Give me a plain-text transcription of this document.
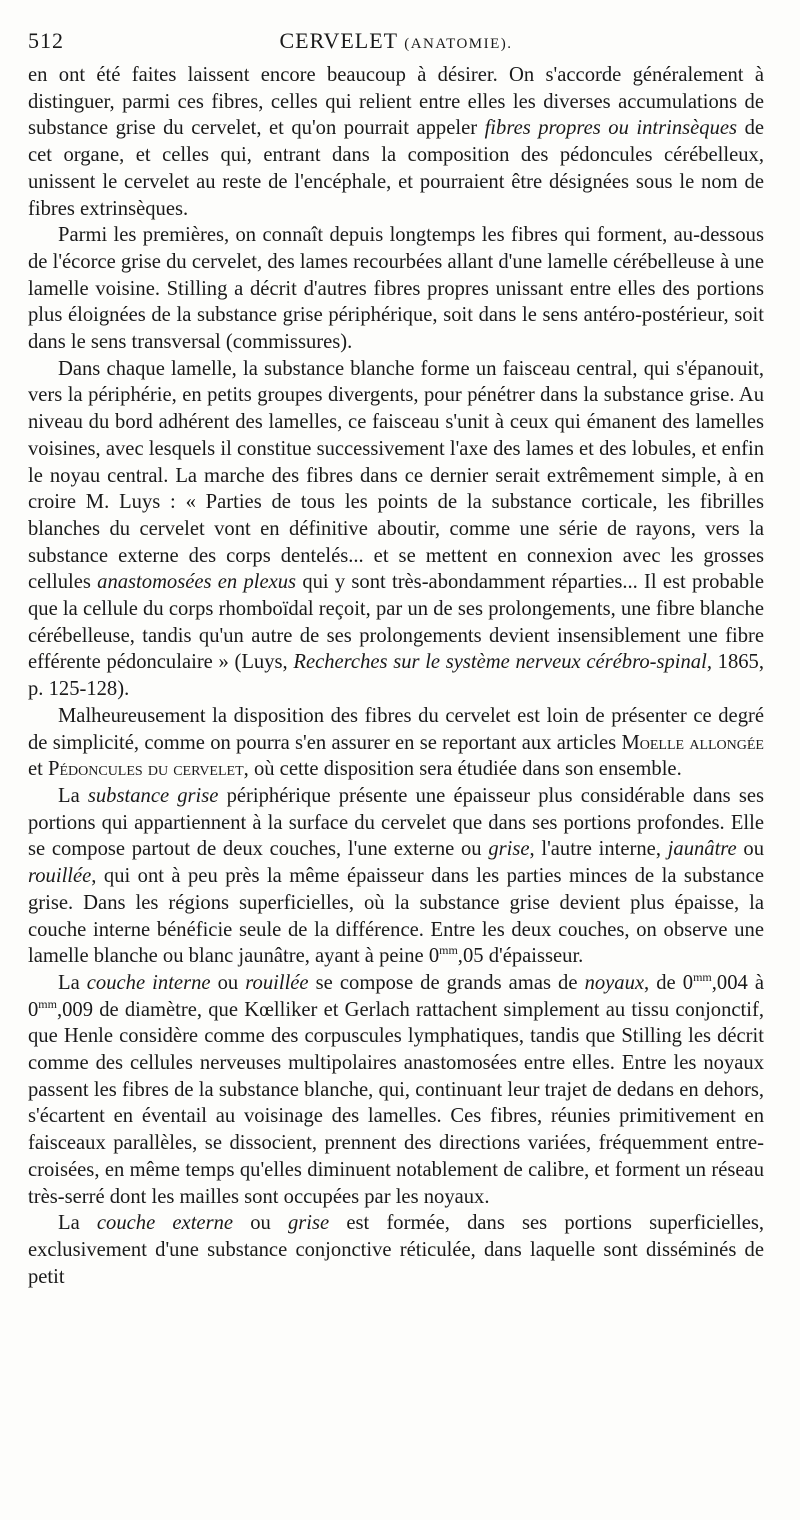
512	CERVELET (ANATOMIE).

en ont été faites laissent encore beaucoup à désirer. On s'accorde généralement à distinguer, parmi ces fibres, celles qui relient entre elles les diverses accumulations de substance grise du cervelet, et qu'on pourrait appeler fibres propres ou intrinsèques de cet organe, et celles qui, entrant dans la composition des pédoncules cérébelleux, unissent le cervelet au reste de l'encéphale, et pourraient être désignées sous le nom de fibres extrinsèques.

Parmi les premières, on connaît depuis longtemps les fibres qui forment, au-dessous de l'écorce grise du cervelet, des lames recourbées allant d'une lamelle cérébelleuse à une lamelle voisine. Stilling a décrit d'autres fibres propres unissant entre elles des portions plus éloignées de la substance grise périphérique, soit dans le sens antéro-postérieur, soit dans le sens transversal (commissures).

Dans chaque lamelle, la substance blanche forme un faisceau central, qui s'épanouit, vers la périphérie, en petits groupes divergents, pour pénétrer dans la substance grise. Au niveau du bord adhérent des lamelles, ce faisceau s'unit à ceux qui émanent des lamelles voisines, avec lesquels il constitue successivement l'axe des lames et des lobules, et enfin le noyau central. La marche des fibres dans ce dernier serait extrêmement simple, à en croire M. Luys : « Parties de tous les points de la substance corticale, les fibrilles blanches du cervelet vont en définitive aboutir, comme une série de rayons, vers la substance externe des corps dentelés... et se mettent en connexion avec les grosses cellules anastomosées en plexus qui y sont très-abondamment réparties... Il est probable que la cellule du corps rhomboïdal reçoit, par un de ses prolongements, une fibre blanche cérébelleuse, tandis qu'un autre de ses prolongements devient insensiblement une fibre efférente pédonculaire » (Luys, Recherches sur le système nerveux cérébro-spinal, 1865, p. 125-128).

Malheureusement la disposition des fibres du cervelet est loin de présenter ce degré de simplicité, comme on pourra s'en assurer en se reportant aux articles Moelle allongée et Pédoncules du cervelet, où cette disposition sera étudiée dans son ensemble.

La substance grise périphérique présente une épaisseur plus considérable dans ses portions qui appartiennent à la surface du cervelet que dans ses portions profondes. Elle se compose partout de deux couches, l'une externe ou grise, l'autre interne, jaunâtre ou rouillée, qui ont à peu près la même épaisseur dans les parties minces de la substance grise. Dans les régions superficielles, où la substance grise devient plus épaisse, la couche interne bénéficie seule de la différence. Entre les deux couches, on observe une lamelle blanche ou blanc jaunâtre, ayant à peine $0^{mm},05$ d'épaisseur.

La couche interne ou rouillée se compose de grands amas de noyaux, de $0^{mm},004$ à $0^{mm},009$ de diamètre, que Kœlliker et Gerlach rattachent simplement au tissu conjonctif, que Henle considère comme des corpuscules lymphatiques, tandis que Stilling les décrit comme des cellules nerveuses multipolaires anastomosées entre elles. Entre les noyaux passent les fibres de la substance blanche, qui, continuant leur trajet de dedans en dehors, s'écartent en éventail au voisinage des lamelles. Ces fibres, réunies primitivement en faisceaux parallèles, se dissocient, prennent des directions variées, fréquemment entre-croisées, en même temps qu'elles diminuent notablement de calibre, et forment un réseau très-serré dont les mailles sont occupées par les noyaux.

La couche externe ou grise est formée, dans ses portions superficielles, exclusivement d'une substance conjonctive réticulée, dans laquelle sont disséminés de petit
